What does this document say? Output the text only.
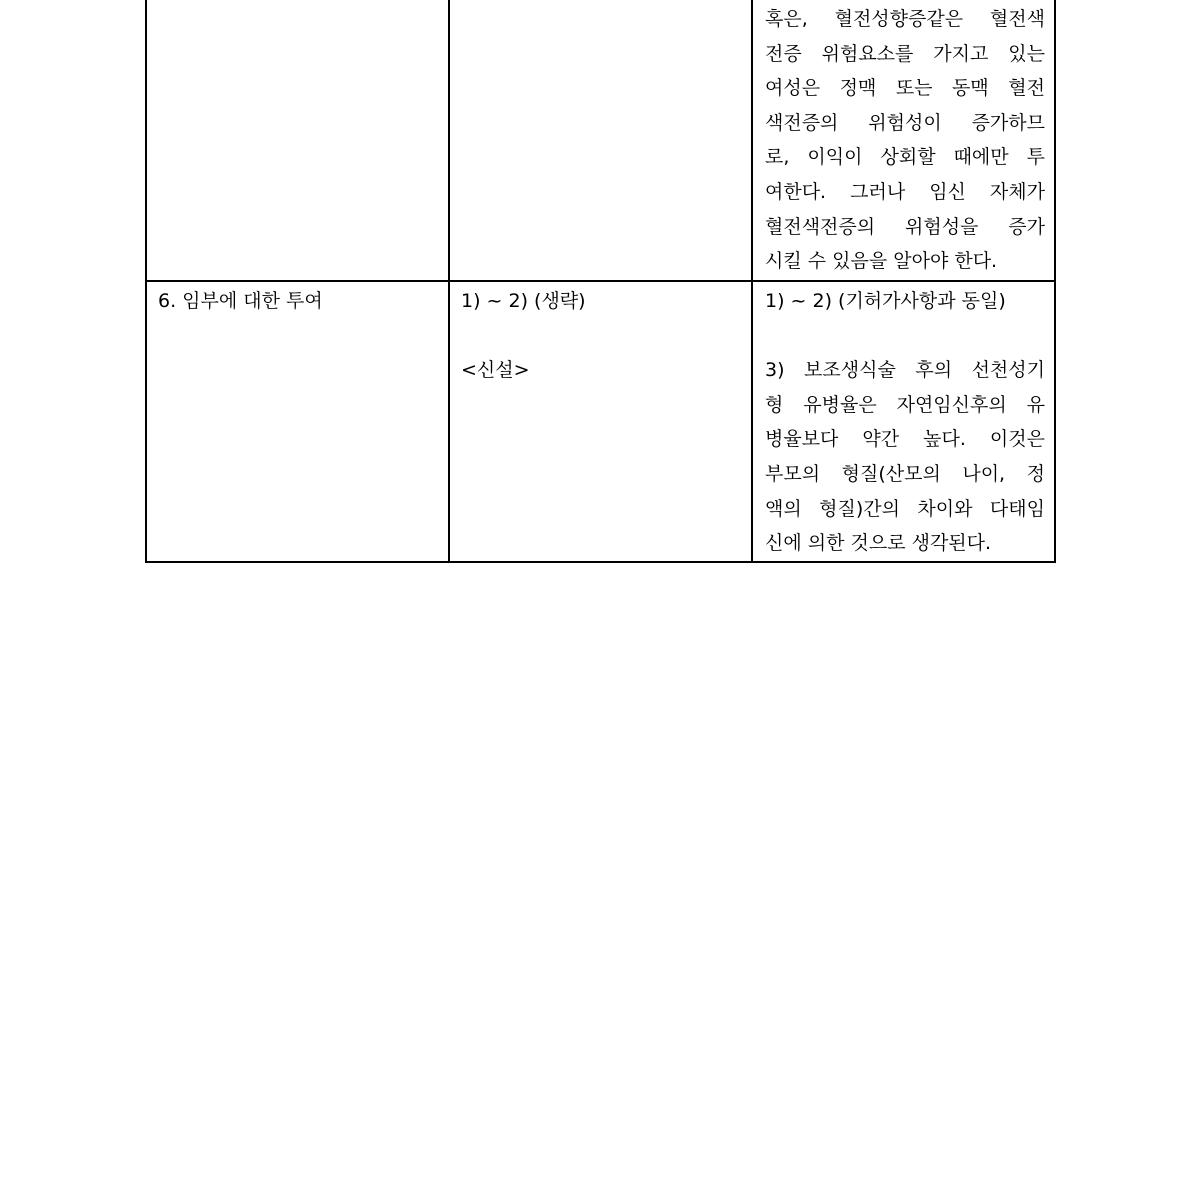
혹은, 혈전성향증같은 혈전색
전증 위험요소를 가지고 있는
여성은 정맥 또는 동맥 혈전
색전증의 위험성이 증가하므
로, 이익이 상회할 때에만 투
여한다. 그러나 임신 자체가
혈전색전증의 위험성을 증가
시킬 수 있음을 알아야 한다.
6. 임부에 대한 투여	1) ~ 2) (생략)
<신설>
1) ~ 2) (기허가사항과 동일)
3) 보조생식술 후의 선천성기
형 유병율은 자연임신후의 유
병율보다 약간 높다. 이것은
부모의 형질(산모의 나이, 정
액의 형질)간의 차이와 다태임
신에 의한 것으로 생각된다.
